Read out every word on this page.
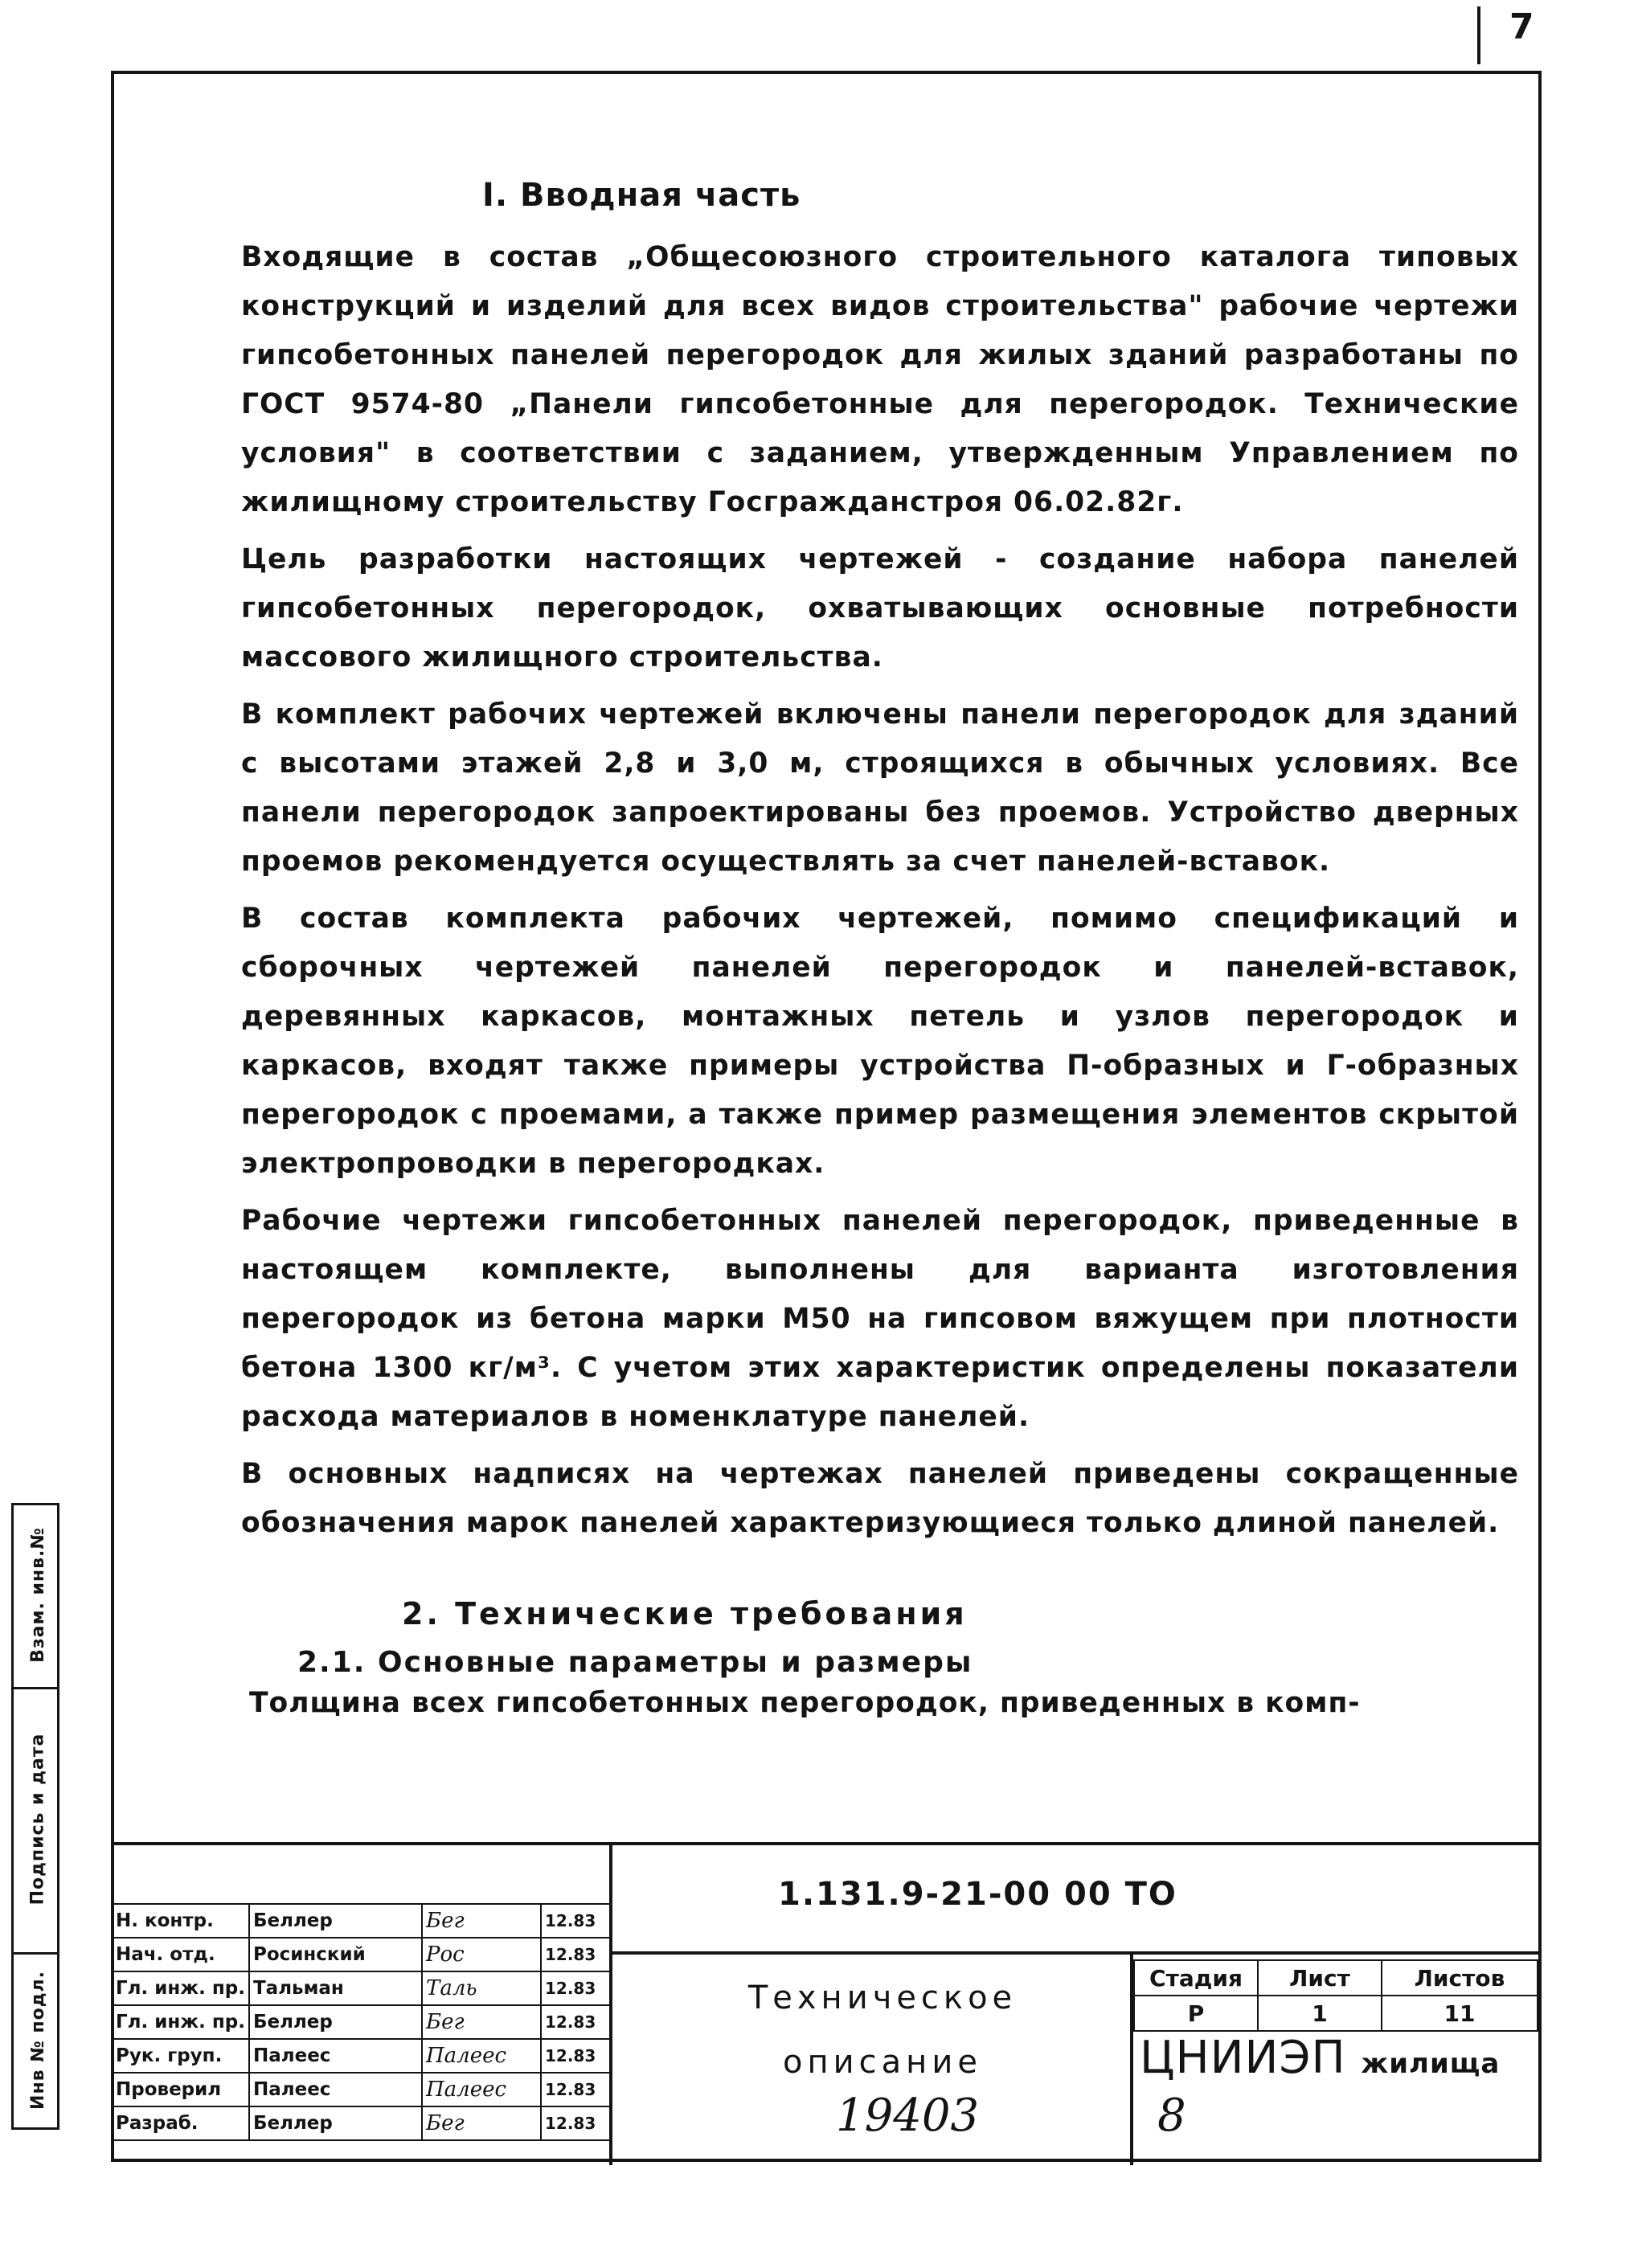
7
I. Вводная часть

Входящие в состав „Общесоюзного строительного каталога типовых конструкций и изделий для всех видов строительства" рабочие чертежи гипсобетонных панелей перегородок для жилых зданий разработаны по ГОСТ 9574-80 „Панели гипсобетонные для перегородок. Технические условия" в соответствии с заданием, утвержденным Управлением по жилищному строительству Госгражданстроя 06.02.82г.

Цель разработки настоящих чертежей - создание набора панелей гипсобетонных перегородок, охватывающих основные потребности массового жилищного строительства.

В комплект рабочих чертежей включены панели перегородок для зданий с высотами этажей 2,8 и 3,0 м, строящихся в обычных условиях. Все панели перегородок запроектированы без проемов. Устройство дверных проемов рекомендуется осуществлять за счет панелей-вставок.

В состав комплекта рабочих чертежей, помимо спецификаций и сборочных чертежей панелей перегородок и панелей-вставок, деревянных каркасов, монтажных петель и узлов перегородок и каркасов, входят также примеры устройства П-образных и Г-образных перегородок с проемами, а также пример размещения элементов скрытой электропроводки в перегородках.

Рабочие чертежи гипсобетонных панелей перегородок, приведенные в настоящем комплекте, выполнены для варианта изготовления перегородок из бетона марки М50 на гипсовом вяжущем при плотности бетона 1300 кг/м³. С учетом этих характеристик определены показатели расхода материалов в номенклатуре панелей.

В основных надписях на чертежах панелей приведены сокращенные обозначения марок панелей характеризующиеся только длиной панелей.

2. Технические требования
2.1. Основные параметры и размеры
Толщина всех гипсобетонных перегородок, приведенных в комп-
Инв № подл.
Подпись и дата
Взам. инв.№
Н. контр.	Беллер	Бег	12.83
Нач. отд.	Росинский	Рос	12.83
Гл. инж. пр.	Тальман	Таль	12.83
Гл. инж. пр.	Беллер	Бег	12.83
Рук. груп.	Палеес	Палеес	12.83
Проверил	Палеес	Палеес	12.83
Разраб.	Беллер	Бег	12.83
1.131.9-21-00 00 ТО
Техническое
описание
Стадия	Лист	Листов
Р	1	11
ЦНИИЭП жилища
19403	8
